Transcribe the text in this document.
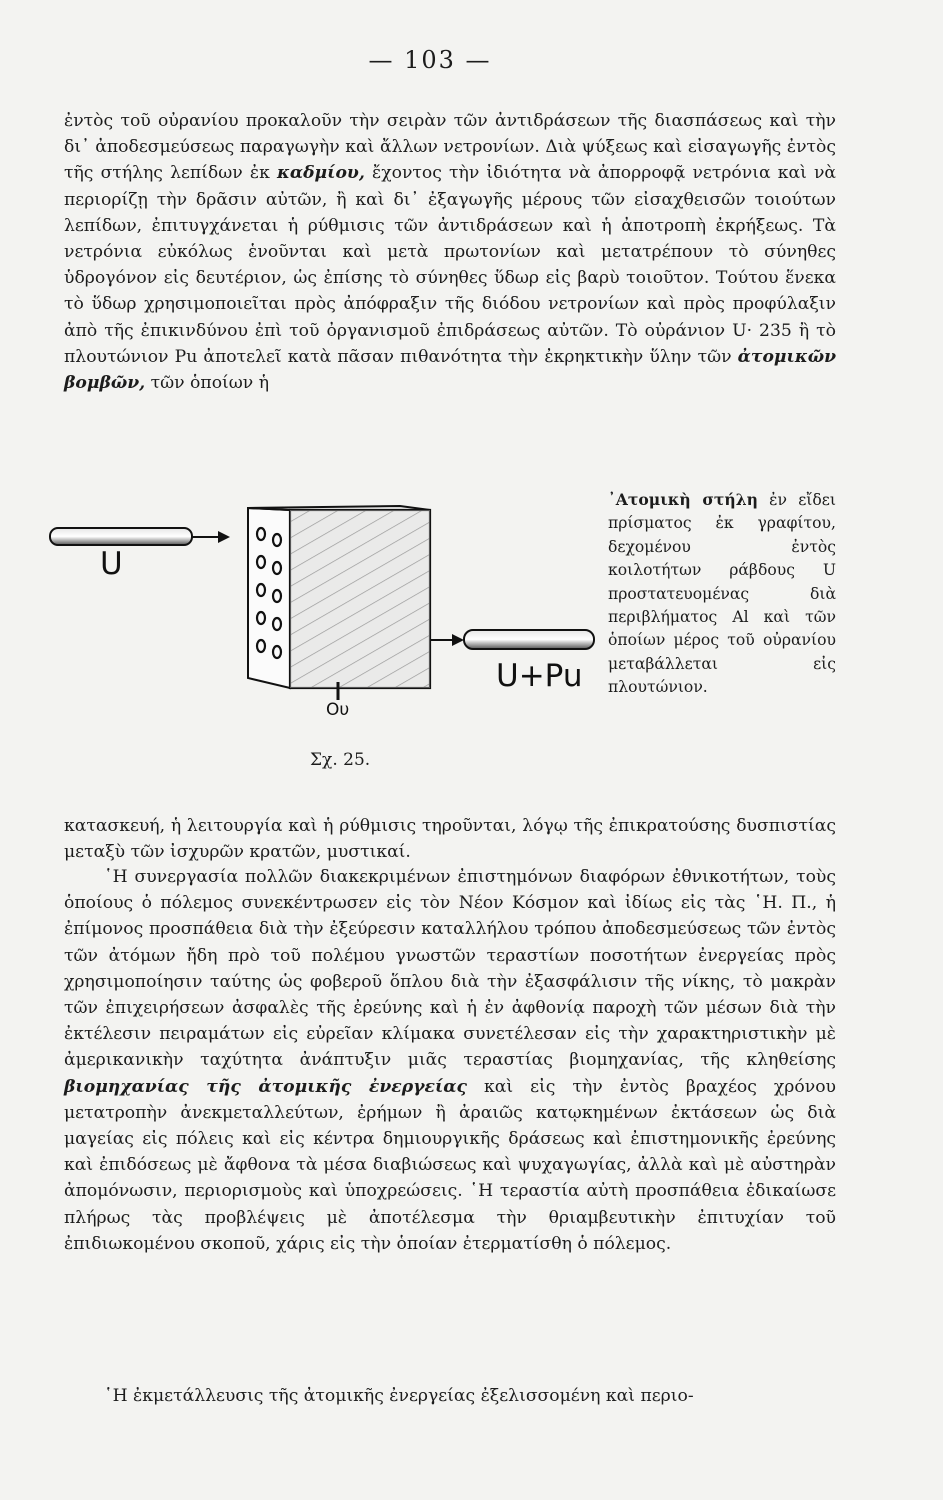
— 103 —

ἐντὸς τοῦ οὐρανίου προκαλοῦν τὴν σειρὰν τῶν ἀντιδράσεων τῆς διασπάσεως καὶ τὴν δι᾿ ἀποδεσμεύσεως παραγωγὴν καὶ ἄλλων νετρονίων. Διὰ ψύξεως καὶ εἰσαγωγῆς ἐντὸς τῆς στήλης λεπίδων ἐκ καδμίου, ἔχοντος τὴν ἰδιότητα νὰ ἀπορροφᾷ νετρόνια καὶ νὰ περιορίζῃ τὴν δρᾶσιν αὐτῶν, ἢ καὶ δι᾿ ἐξαγωγῆς μέρους τῶν εἰσαχθεισῶν τοιούτων λεπίδων, ἐπιτυγχάνεται ἡ ρύθμισις τῶν ἀντιδράσεων καὶ ἡ ἀποτροπὴ ἐκρήξεως. Τὰ νετρόνια εὐκόλως ἑνοῦνται καὶ μετὰ πρωτονίων καὶ μετατρέπουν τὸ σύνηθες ὑδρογόνον εἰς δευτέριον, ὡς ἐπίσης τὸ σύνηθες ὕδωρ εἰς βαρὺ τοιοῦτον. Τούτου ἕνεκα τὸ ὕδωρ χρησιμοποιεῖται πρὸς ἀπόφραξιν τῆς διόδου νετρονίων καὶ πρὸς προφύλαξιν ἀπὸ τῆς ἐπικινδύνου ἐπὶ τοῦ ὀργανισμοῦ ἐπιδράσεως αὐτῶν. Τὸ οὐράνιον U· 235 ἢ τὸ πλουτώνιον Pu ἀποτελεῖ κατὰ πᾶσαν πιθανότητα τὴν ἐκρηκτικὴν ὕλην τῶν ἀτομικῶν βομβῶν, τῶν ὁποίων ἡ

U
U+Pu
Ου
᾿Ατομικὴ στήλη ἐν εἴδει πρίσματος ἐκ γραφίτου, δεχομένου ἐντὸς κοιλοτήτων ράβδους U προστατευομένας διὰ περιβλήματος Al καὶ τῶν ὁποίων μέρος τοῦ οὐρανίου μεταβάλλεται εἰς πλουτώνιον.
Σχ. 25.

κατασκευή, ἡ λειτουργία καὶ ἡ ρύθμισις τηροῦνται, λόγῳ τῆς ἐπικρατούσης δυσπιστίας μεταξὺ τῶν ἰσχυρῶν κρατῶν, μυστικαί.

῾Η συνεργασία πολλῶν διακεκριμένων ἐπιστημόνων διαφόρων ἐθνικοτήτων, τοὺς ὁποίους ὁ πόλεμος συνεκέντρωσεν εἰς τὸν Νέον Κόσμον καὶ ἰδίως εἰς τὰς ῾Η. Π., ἡ ἐπίμονος προσπάθεια διὰ τὴν ἐξεύρεσιν καταλλήλου τρόπου ἀποδεσμεύσεως τῶν ἐντὸς τῶν ἀτόμων ἤδη πρὸ τοῦ πολέμου γνωστῶν τεραστίων ποσοτήτων ἐνεργείας πρὸς χρησιμοποίησιν ταύτης ὡς φοβεροῦ ὅπλου διὰ τὴν ἐξασφάλισιν τῆς νίκης, τὸ μακρὰν τῶν ἐπιχειρήσεων ἀσφαλὲς τῆς ἐρεύνης καὶ ἡ ἐν ἀφθονίᾳ παροχὴ τῶν μέσων διὰ τὴν ἐκτέλεσιν πειραμάτων εἰς εὐρεῖαν κλίμακα συνετέλεσαν εἰς τὴν χαρακτηριστικὴν μὲ ἀμερικανικὴν ταχύτητα ἀνάπτυξιν μιᾶς τεραστίας βιομηχανίας, τῆς κληθείσης βιομηχανίας τῆς ἀτομικῆς ἐνεργείας καὶ εἰς τὴν ἐντὸς βραχέος χρόνου μετατροπὴν ἀνεκμεταλλεύτων, ἐρήμων ἢ ἀραιῶς κατῳκημένων ἐκτάσεων ὡς διὰ μαγείας εἰς πόλεις καὶ εἰς κέντρα δημιουργικῆς δράσεως καὶ ἐπιστημονικῆς ἐρεύνης καὶ ἐπιδόσεως μὲ ἄφθονα τὰ μέσα διαβιώσεως καὶ ψυχαγωγίας, ἀλλὰ καὶ μὲ αὐστηρὰν ἀπομόνωσιν, περιορισμοὺς καὶ ὑποχρεώσεις. ῾Η τεραστία αὐτὴ προσπάθεια ἐδικαίωσε πλήρως τὰς προβλέψεις μὲ ἀποτέλεσμα τὴν θριαμβευτικὴν ἐπιτυχίαν τοῦ ἐπιδιωκομένου σκοποῦ, χάρις εἰς τὴν ὁποίαν ἐτερματίσθη ὁ πόλεμος.

῾Η ἐκμετάλλευσις τῆς ἀτομικῆς ἐνεργείας ἐξελισσομένη καὶ περιο-
